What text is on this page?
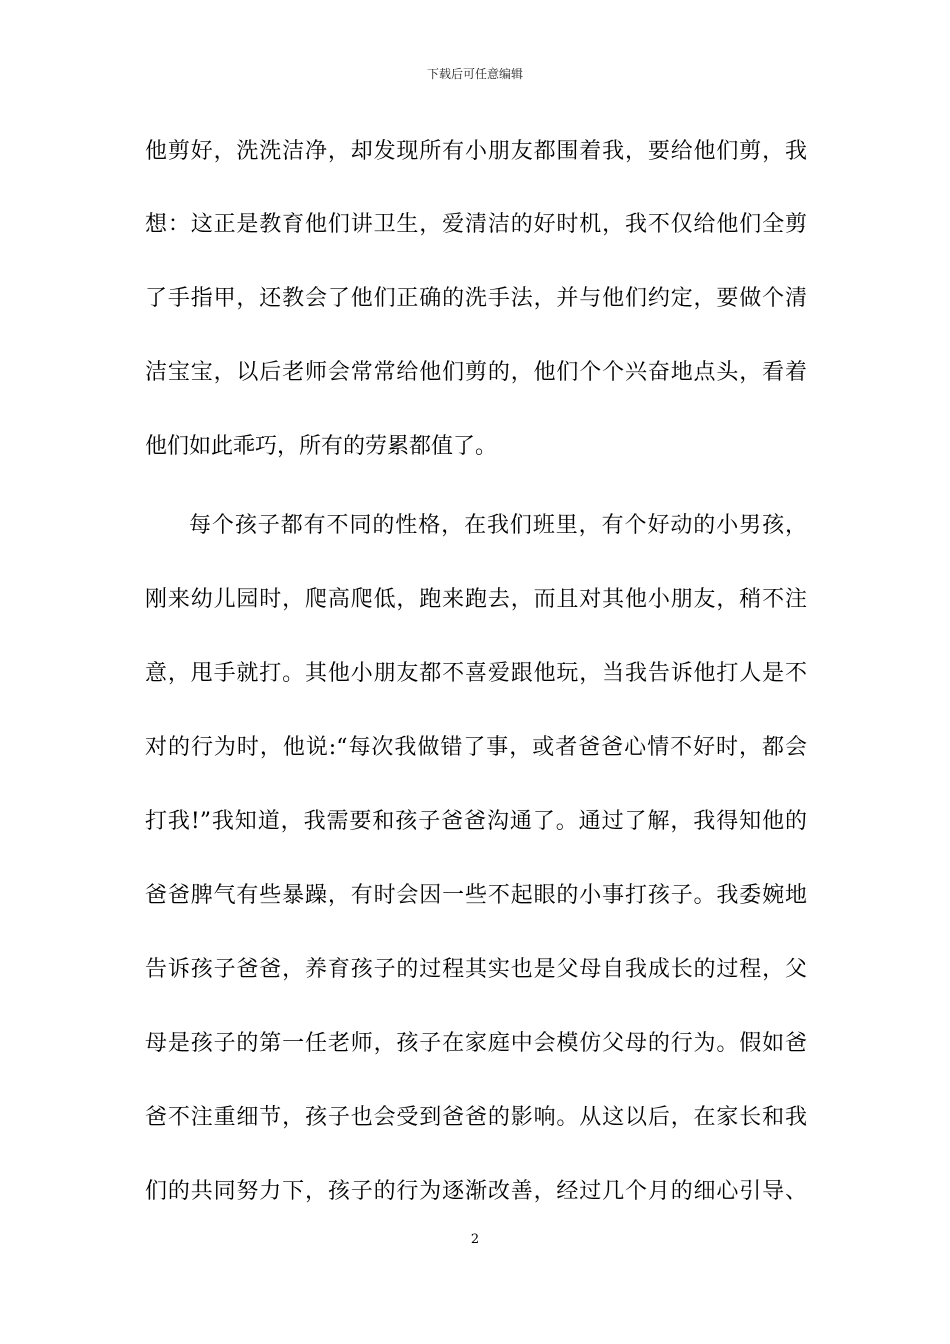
下载后可任意编辑
他剪好，洗洗洁净，却发现所有小朋友都围着我，要给他们剪，我
想：这正是教育他们讲卫生，爱清洁的好时机，我不仅给他们全剪
了手指甲，还教会了他们正确的洗手法，并与他们约定，要做个清
洁宝宝，以后老师会常常给他们剪的，他们个个兴奋地点头，看着
他们如此乖巧，所有的劳累都值了。
每个孩子都有不同的性格，在我们班里，有个好动的小男孩，
刚来幼儿园时，爬高爬低，跑来跑去，而且对其他小朋友，稍不注
意，甩手就打。其他小朋友都不喜爱跟他玩，当我告诉他打人是不
对的行为时，他说:“每次我做错了事，或者爸爸心情不好时，都会
打我!”我知道，我需要和孩子爸爸沟通了。通过了解，我得知他的
爸爸脾气有些暴躁，有时会因一些不起眼的小事打孩子。我委婉地
告诉孩子爸爸，养育孩子的过程其实也是父母自我成长的过程，父
母是孩子的第一任老师，孩子在家庭中会模仿父母的行为。假如爸
爸不注重细节，孩子也会受到爸爸的影响。从这以后，在家长和我
们的共同努力下，孩子的行为逐渐改善，经过几个月的细心引导、
2
